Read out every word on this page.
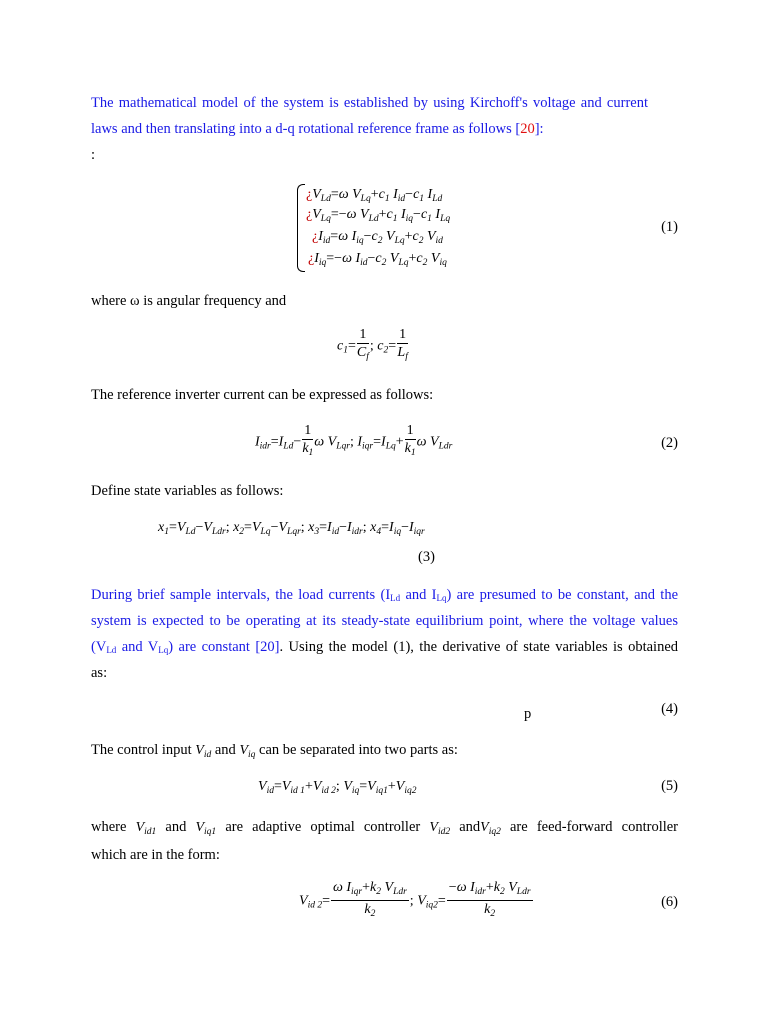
The mathematical model of the system is established by using Kirchoff's voltage and current
laws and then translating into a d-q rotational reference frame as follows [20]:
:
¿$V_{Ld}=\omega$ $V_{Lq}+c_1$ $I_{id}-c_1$ $I_{Ld}$
¿$V_{Lq}=-\omega$ $V_{Ld}+c_1$ $I_{iq}-c_1$ $I_{Lq}$
¿$I_{id}=\omega$ $I_{iq}-c_2$ $V_{Lq}+c_2$ $V_{id}$
¿$I_{iq}=-\omega$ $I_{id}-c_2$ $V_{Lq}+c_2$ $V_{iq}$
(1)
where ω is angular frequency and
$c_1= \frac{1}{C_f}$ ; $c_2= \frac{1}{L_f}$
The reference inverter current can be expressed as follows:
$I_{idr}=I_{Ld}- \frac{1}{k_1}$ ω $V_{Lqr}$; $I_{iqr}=I_{Lq}+ \frac{1}{k_1}$ ω $V_{Ldr}$	(2)
Define state variables as follows:
$x_1=V_{Ld}-V_{Ldr}$; $x_2=V_{Lq}-V_{Lqr}$; $x_3=I_{id}-I_{idr}$; $x_4=I_{iq}-I_{iqr}$
(3)
During brief sample intervals, the load currents ($I_{Ld}$ and $I_{Lq}$) are presumed to be constant, and the
system is expected to be operating at its steady-state equilibrium point, where the voltage values
($V_{Ld}$ and $V_{Lq}$) are constant [20]. Using the model (1), the derivative of state variables is obtained
as:
p	(4)
The control input $V_{id}$ and $V_{iq}$ can be separated into two parts as:
$V_{id}=V_{id 1}+V_{id 2}$; $V_{iq}=V_{iq1}+V_{iq2}$	(5)
where $V_{id1}$ and $V_{iq1}$ are adaptive optimal controller $V_{id2}$ andV$_{iq2}$ are feed-forward controller
which are in the form:
$V_{id 2}= \frac{\omega I_{iqr}+k_2 V_{Ldr}}{k_2}$ ; $V_{iq2}= \frac{-\omega I_{idr}+k_2 V_{Ldr}}{k_2}$	(6)
